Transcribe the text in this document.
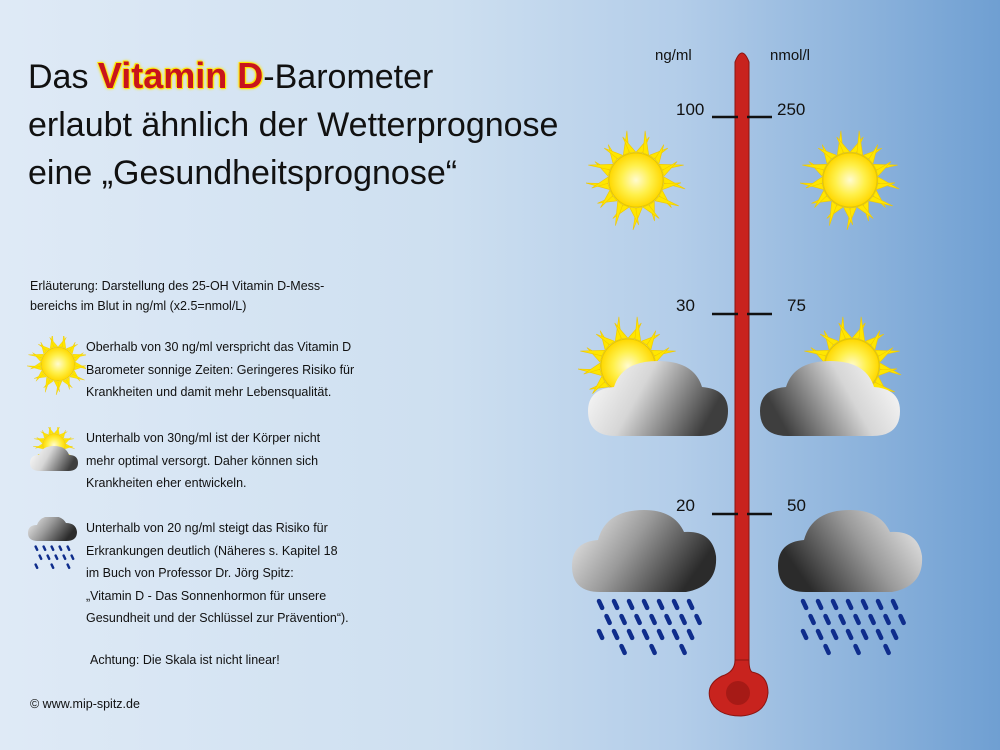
ng/ml	nmol/l
100	250
30	75
20	50
Das Vitamin D-Barometer
erlaubt ähnlich der Wetterprognose
eine „Gesundheitsprognose“
Erläuterung: Darstellung des 25-OH Vitamin D-Mess-
bereichs im Blut in ng/ml (x2.5=nmol/L)
Oberhalb von 30 ng/ml verspricht das Vitamin D
Barometer sonnige Zeiten: Geringeres Risiko für
Krankheiten und damit mehr Lebensqualität.
Unterhalb von 30ng/ml ist der Körper nicht
mehr optimal versorgt. Daher können sich
Krankheiten eher entwickeln.
Unterhalb von 20 ng/ml steigt das Risiko für
Erkrankungen deutlich (Näheres s. Kapitel 18
im Buch von Professor Dr. Jörg Spitz:
„Vitamin D - Das Sonnenhormon für unsere
Gesundheit und der Schlüssel zur Prävention“).
Achtung: Die Skala ist nicht linear!
© www.mip-spitz.de
